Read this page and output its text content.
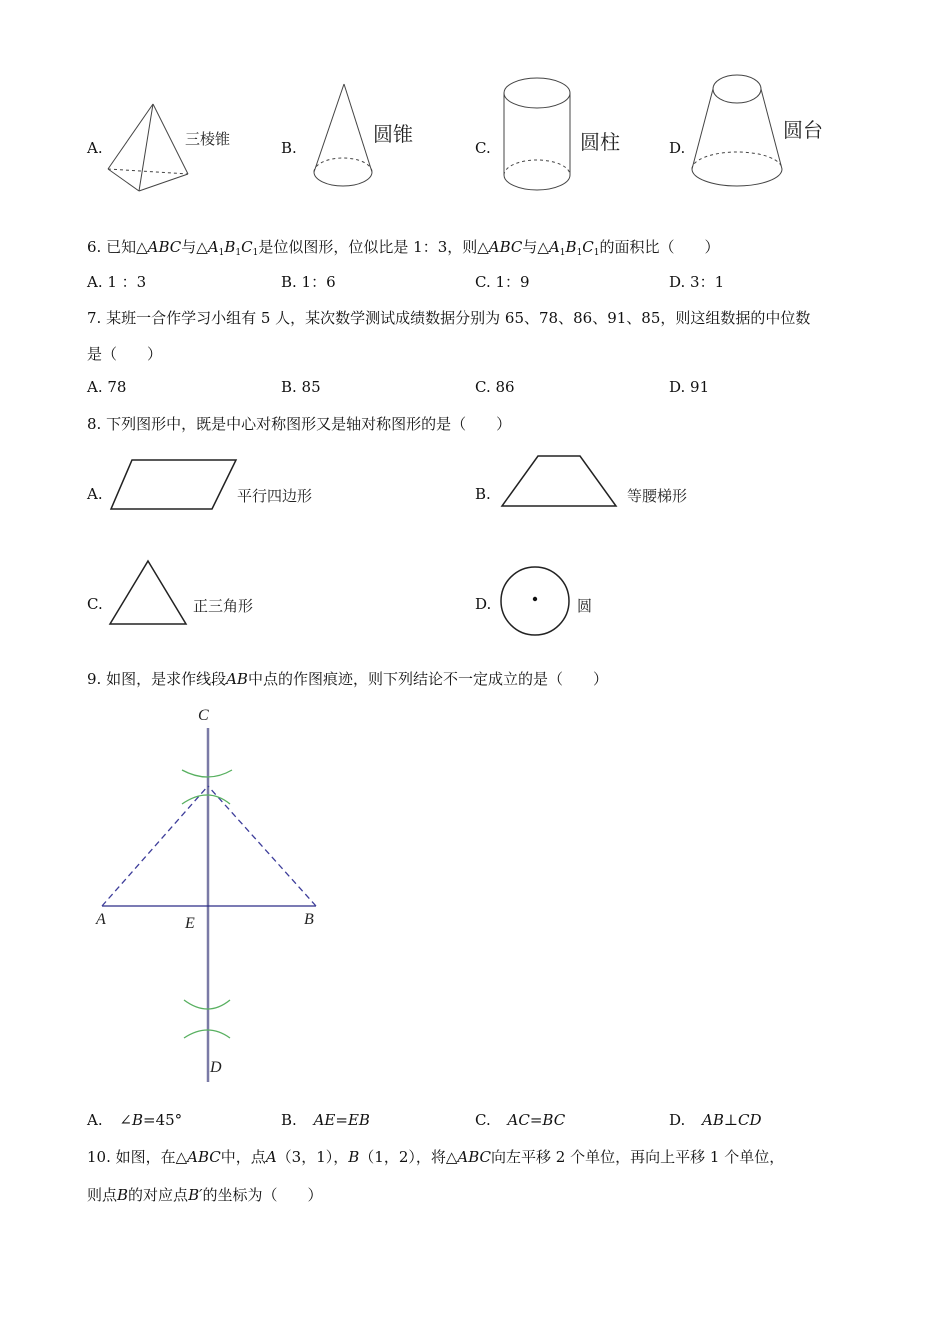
A.	三棱锥	B.
圆锥
C.	圆柱	D.
圆台
6. 已知△ABC与$\triangle A_1B_1C_1$是位似图形，位似比是 1：3，则△ABC与$\triangle A_1B_1C_1$的面积比（　　）
A. 1 ：3	B. 1：6	C. 1：9	D. 3：1
7. 某班一合作学习小组有 5 人，某次数学测试成绩数据分别为 65、78、86、91、85，则这组数据的中位数
是（　　）
A. 78	B. 85	C. 86	D. 91
8. 下列图形中，既是中心对称图形又是轴对称图形的是（　　）
A.	平行四边形	B.	等腰梯形
C.	正三角形	D.	圆
9. 如图，是求作线段AB中点的作图痕迹，则下列结论不一定成立的是（　　）
C
A	E	B
D
A. ∠B=45°	B. AE=EB	C. AC=BC	D. AB⊥CD
10. 如图，在△ABC中，点A（3，1），B（1，2），将△ABC向左平移 2 个单位，再向上平移 1 个单位，
则点B的对应点B′的坐标为（　　）
